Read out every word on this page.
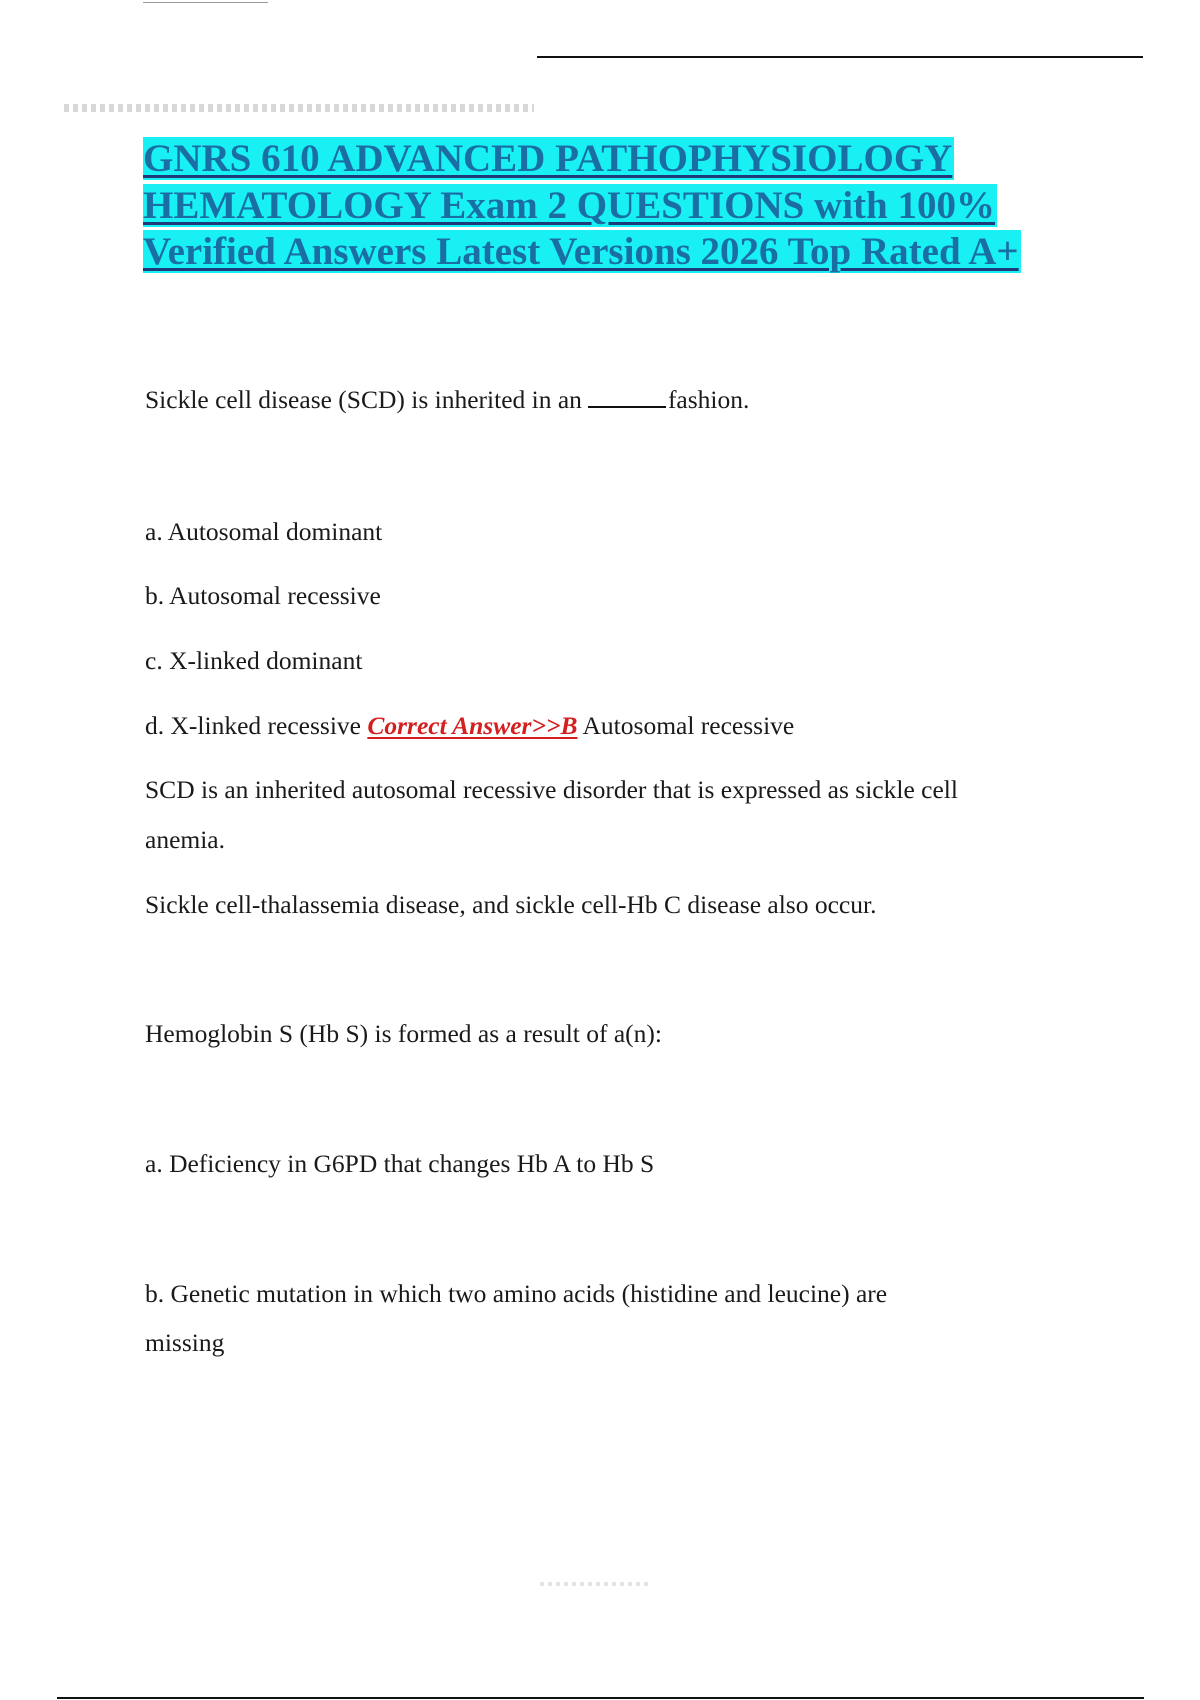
GNRS 610 ADVANCED PATHOPHYSIOLOGY HEMATOLOGY Exam 2 QUESTIONS with 100% Verified Answers Latest Versions 2026 Top Rated A+

Sickle cell disease (SCD) is inherited in an	fashion.

a. Autosomal dominant

b. Autosomal recessive

c. X-linked dominant

d. X-linked recessive Correct Answer>>B Autosomal recessive

SCD is an inherited autosomal recessive disorder that is expressed as sickle cell

anemia.

Sickle cell-thalassemia disease, and sickle cell-Hb C disease also occur.

Hemoglobin S (Hb S) is formed as a result of a(n):

a. Deficiency in G6PD that changes Hb A to Hb S

b. Genetic mutation in which two amino acids (histidine and leucine) are

missing
